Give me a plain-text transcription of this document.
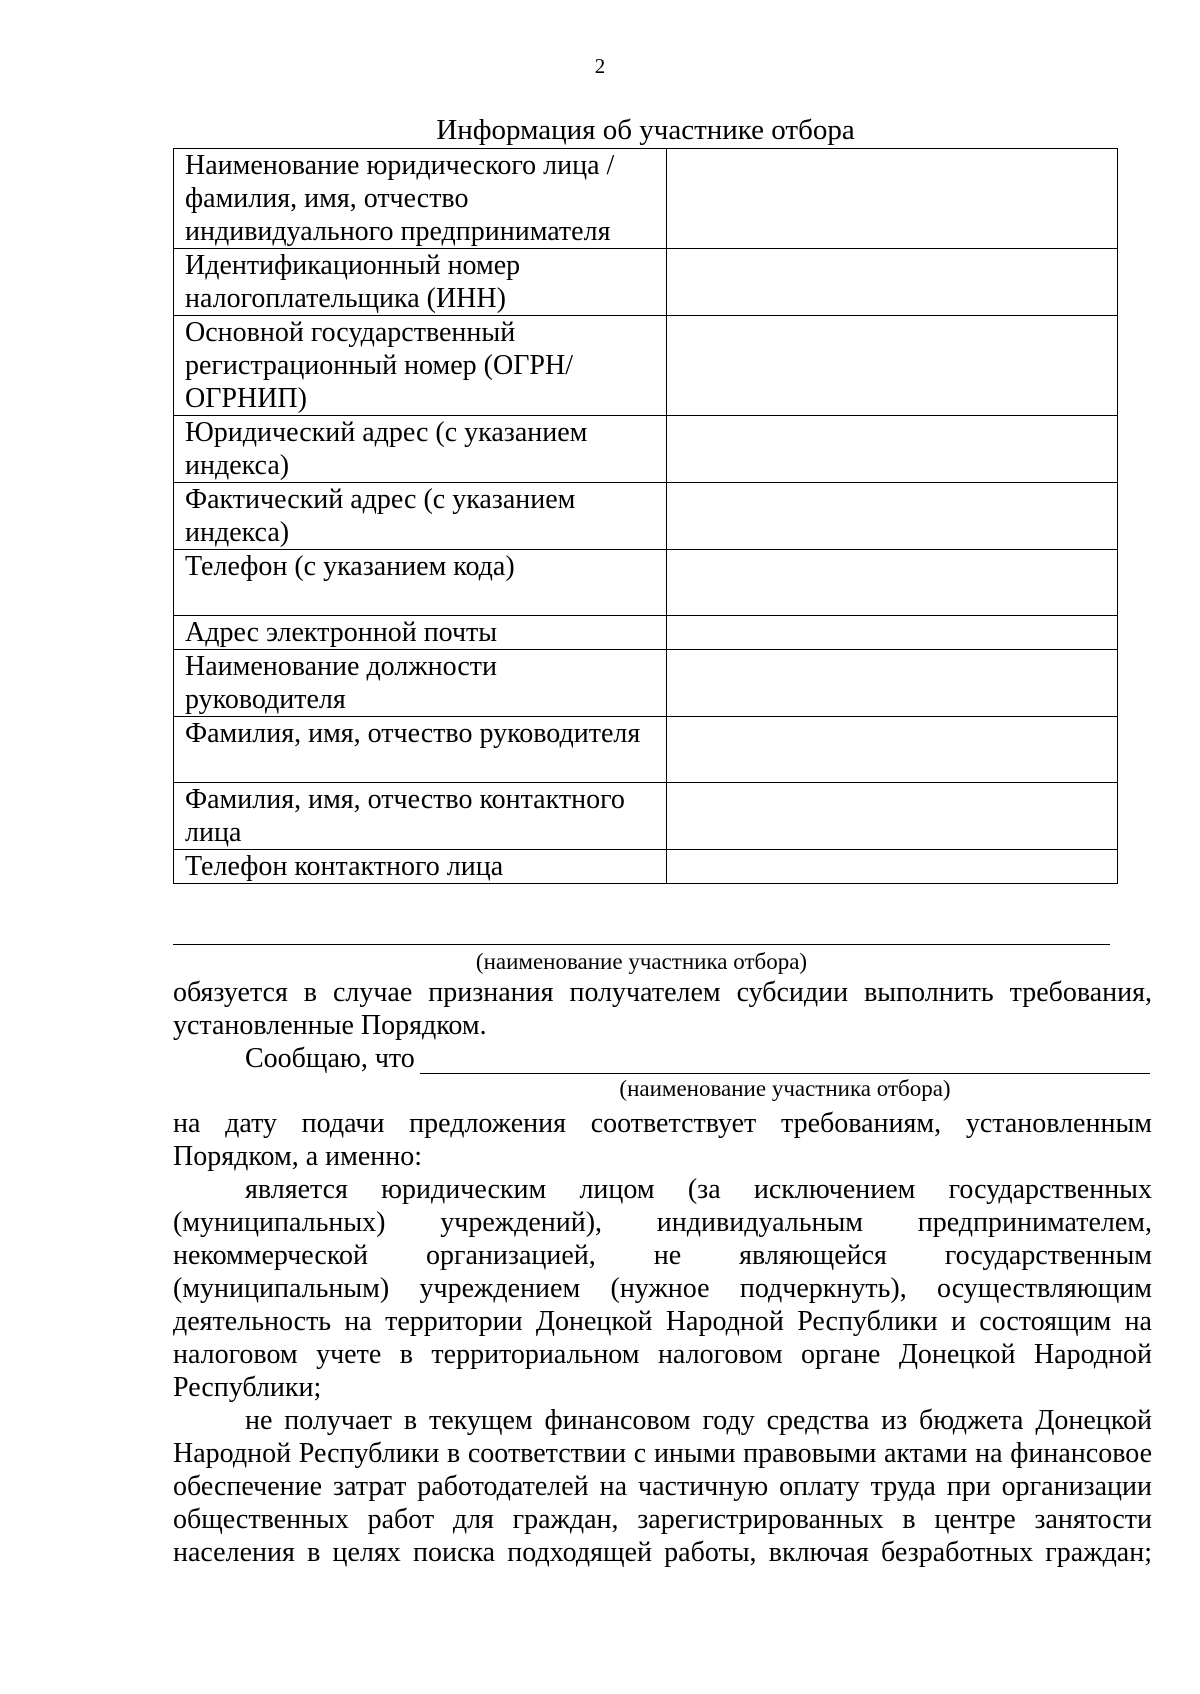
2
Информация об участнике отбора
Наименование юридического лица / фамилия, имя, отчество индивидуального предпринимателя	
Идентификационный номер налогоплательщика (ИНН)	
Основной государственный регистрационный номер (ОГРН/ОГРНИП)	
Юридический адрес (с указанием индекса)	
Фактический адрес (с указанием индекса)	
Телефон (с указанием кода)	
Адрес электронной почты	
Наименование должности руководителя	
Фамилия, имя, отчество руководителя	
Фамилия, имя, отчество контактного лица	
Телефон контактного лица	
(наименование участника отбора)
обязуется в случае признания получателем субсидии выполнить требования, установленные Порядком.
Сообщаю, что
(наименование участника отбора)
на дату подачи предложения соответствует требованиям, установленным Порядком, а именно:
является юридическим лицом (за исключением государственных (муниципальных) учреждений), индивидуальным предпринимателем, некоммерческой организацией, не являющейся государственным (муниципальным) учреждением (нужное подчеркнуть), осуществляющим деятельность на территории Донецкой Народной Республики и состоящим на налоговом учете в территориальном налоговом органе Донецкой Народной Республики;
не получает в текущем финансовом году средства из бюджета Донецкой Народной Республики в соответствии с иными правовыми актами на финансовое обеспечение затрат работодателей на частичную оплату труда при организации общественных работ для граждан, зарегистрированных в центре занятости населения в целях поиска подходящей работы, включая безработных граждан;
